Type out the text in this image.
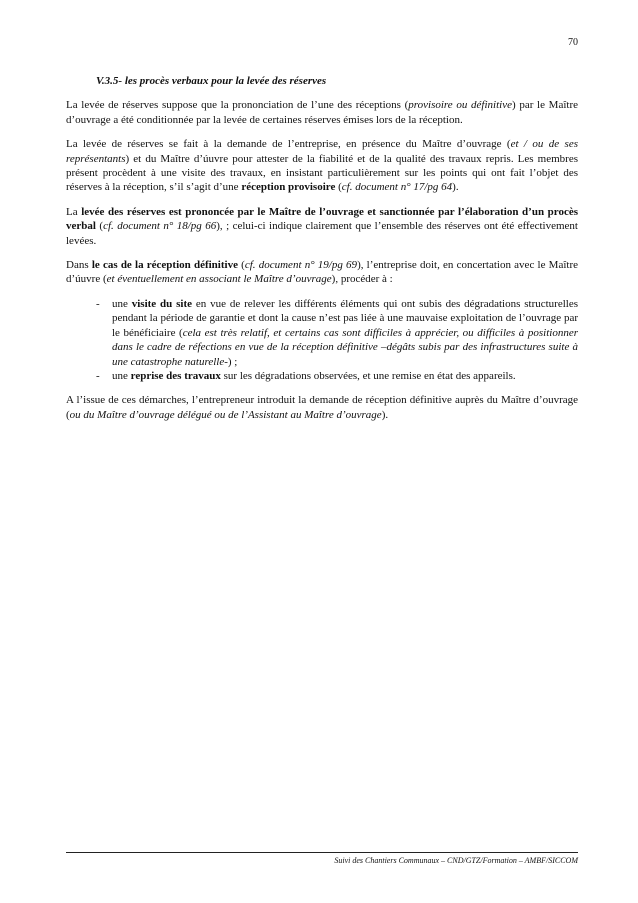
70
V.3.5- les procès verbaux pour la levée des réserves

La levée de réserves suppose que la prononciation de l’une des réceptions (provisoire ou définitive) par le Maître d’ouvrage a été conditionnée par la levée de certaines réserves émises lors de la réception.

La levée de réserves se fait à la demande de l’entreprise, en présence du Maître d’ouvrage (et / ou de ses représentants) et du Maître d’úuvre pour attester de la fiabilité et de la qualité des travaux repris. Les membres présent procèdent à une visite des travaux, en insistant particulièrement sur les points qui ont fait l’objet des réserves à la réception, s’il s’agit d’une réception provisoire (cf. document n° 17/pg 64).

La levée des réserves est prononcée par le Maître de l’ouvrage et sanctionnée par l’élaboration d’un procès verbal (cf. document n° 18/pg 66), ; celui-ci indique clairement que l’ensemble des réserves ont été effectivement levées.

Dans le cas de la réception définitive (cf. document n° 19/pg 69), l’entreprise doit, en concertation avec le Maître d’úuvre (et éventuellement en associant le Maître d’ouvrage), procéder à :

- une visite du site en vue de relever les différents éléments qui ont subis des dégradations structurelles pendant la période de garantie et dont la cause n’est pas liée à une mauvaise exploitation de l’ouvrage par le bénéficiaire (cela est très relatif, et certains cas sont difficiles à apprécier, ou difficiles à positionner dans le cadre de réfections en vue de la réception définitive –dégâts subis par des infrastructures suite à une catastrophe naturelle-) ;
- une reprise des travaux sur les dégradations observées, et une remise en état des appareils.

A l’issue de ces démarches, l’entrepreneur introduit la demande de réception définitive auprès du Maître d’ouvrage (ou du Maître d’ouvrage délégué ou de l’Assistant au Maître d’ouvrage).

Suivi des Chantiers Communaux – CND/GTZ/Formation – AMBF/SICCOM
